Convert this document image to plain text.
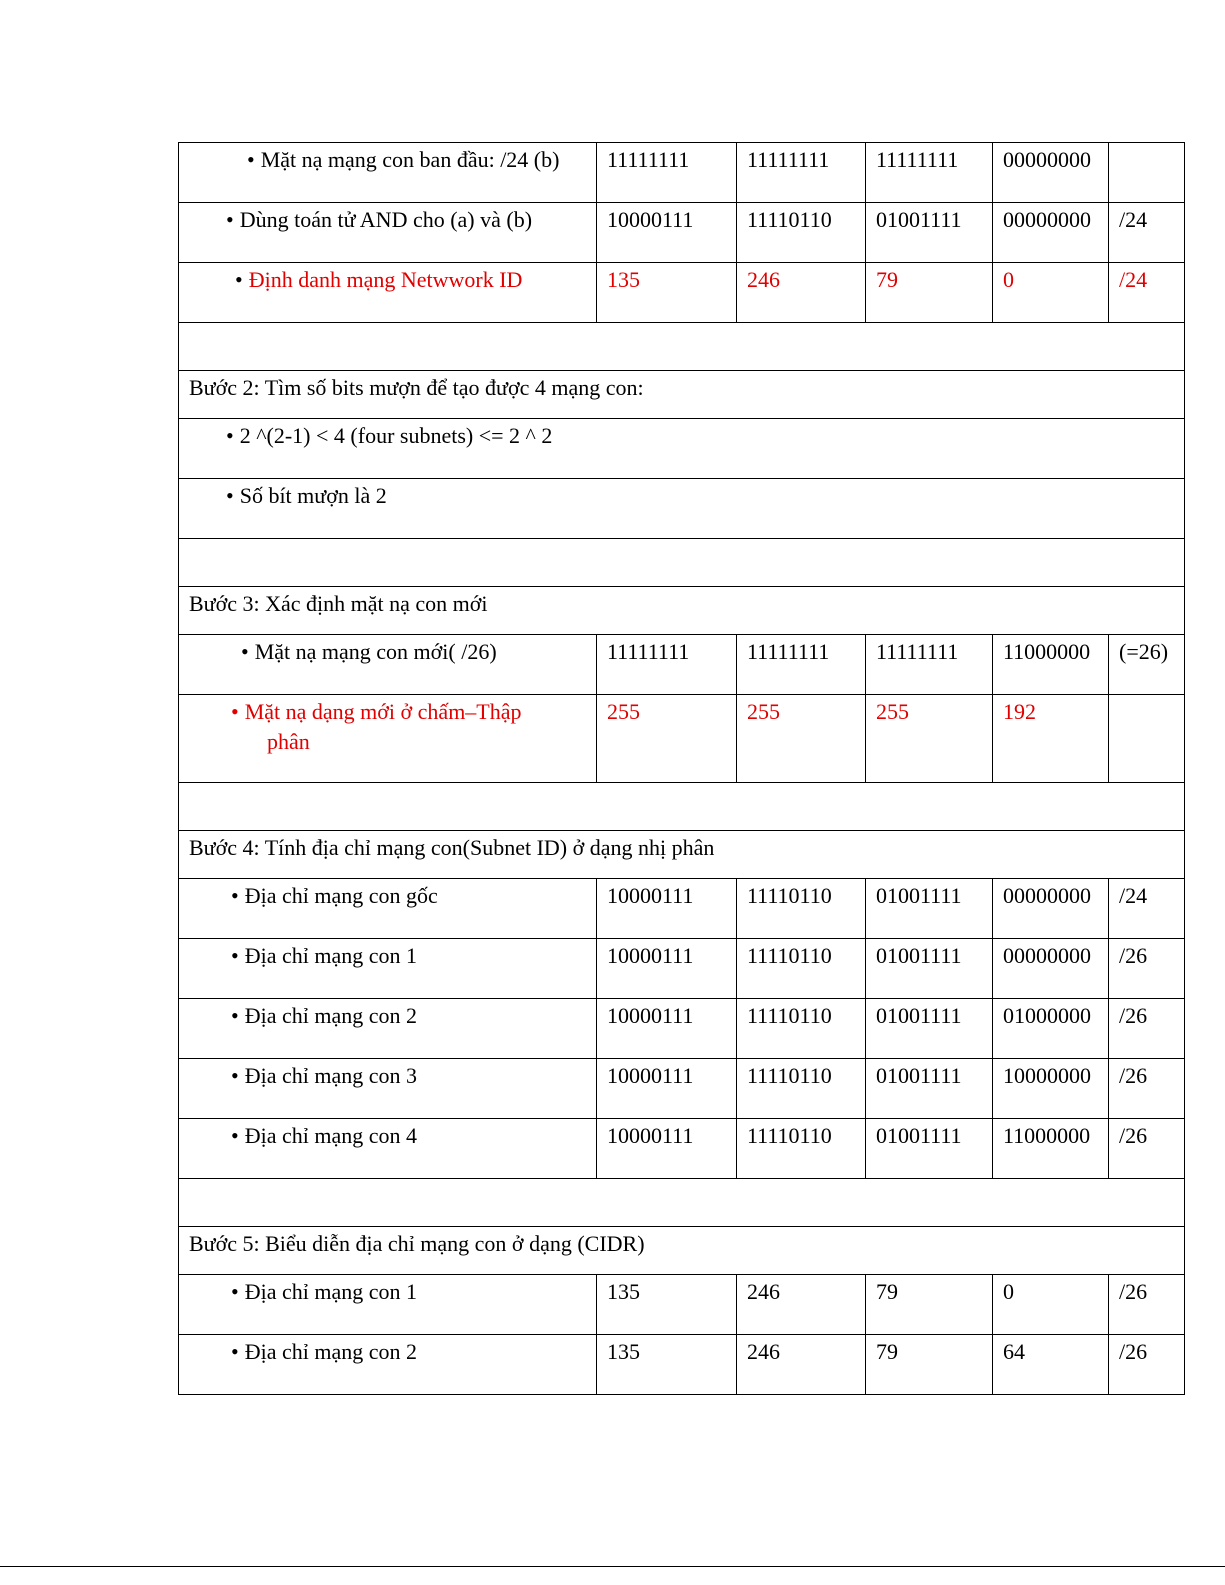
• Mặt nạ mạng con ban đầu: /24 (b)	11111111	11111111	11111111	00000000	
• Dùng toán tử AND cho (a) và (b)	10000111	11110110	01001111	00000000	/24
• Định danh mạng Netwwork ID	135	246	79	0	/24

Bước 2: Tìm số bits mượn để tạo được 4 mạng con:					
• 2 ^(2-1) < 4 (four subnets) <= 2 ^ 2					
• Số bít mượn là 2					

Bước 3: Xác định mặt nạ con mới					
• Mặt nạ mạng con mới( /26)	11111111	11111111	11111111	11000000	(=26)
• Mặt nạ dạng mới ở chấm–Thập
phân	255	255	255	192	

Bước 4: Tính địa chỉ mạng con(Subnet ID) ở dạng nhị phân					
• Địa chỉ mạng con gốc	10000111	11110110	01001111	00000000	/24
• Địa chỉ mạng con 1	10000111	11110110	01001111	00000000	/26
• Địa chỉ mạng con 2	10000111	11110110	01001111	01000000	/26
• Địa chỉ mạng con 3	10000111	11110110	01001111	10000000	/26
• Địa chỉ mạng con 4	10000111	11110110	01001111	11000000	/26

Bước 5: Biểu diễn địa chỉ mạng con ở dạng (CIDR)					
• Địa chỉ mạng con 1	135	246	79	0	/26
• Địa chỉ mạng con 2	135	246	79	64	/26
